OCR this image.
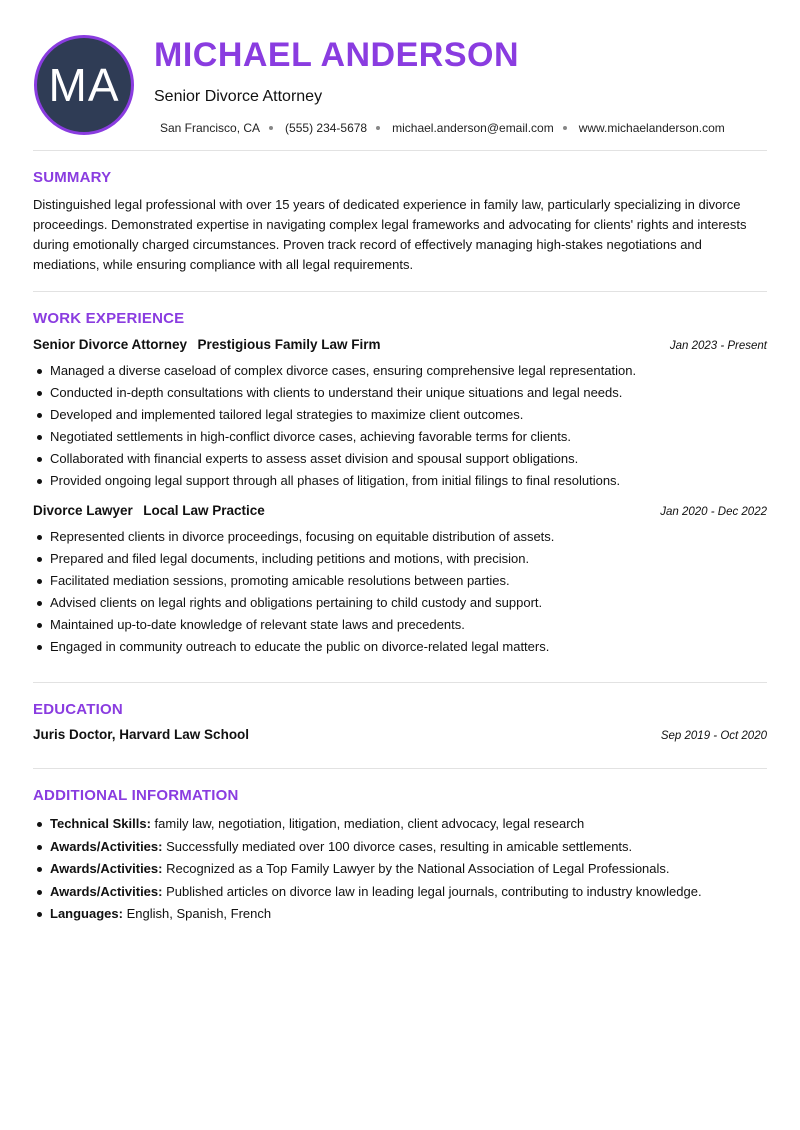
MA
MICHAEL ANDERSON
Senior Divorce Attorney
San Francisco, CA (555) 234-5678 michael.anderson@email.com www.michaelanderson.com
SUMMARY

Distinguished legal professional with over 15 years of dedicated experience in family law, particularly specializing in divorce proceedings. Demonstrated expertise in navigating complex legal frameworks and advocating for clients' rights and interests during emotionally charged circumstances. Proven track record of effectively managing high-stakes negotiations and mediations, while ensuring compliance with all legal requirements.

WORK EXPERIENCE
Senior Divorce Attorney Prestigious Family Law Firm	Jan 2023 - Present
Managed a diverse caseload of complex divorce cases, ensuring comprehensive legal representation.
Conducted in-depth consultations with clients to understand their unique situations and legal needs.
Developed and implemented tailored legal strategies to maximize client outcomes.
Negotiated settlements in high-conflict divorce cases, achieving favorable terms for clients.
Collaborated with financial experts to assess asset division and spousal support obligations.
Provided ongoing legal support through all phases of litigation, from initial filings to final resolutions.
Divorce Lawyer Local Law Practice	Jan 2020 - Dec 2022
Represented clients in divorce proceedings, focusing on equitable distribution of assets.
Prepared and filed legal documents, including petitions and motions, with precision.
Facilitated mediation sessions, promoting amicable resolutions between parties.
Advised clients on legal rights and obligations pertaining to child custody and support.
Maintained up-to-date knowledge of relevant state laws and precedents.
Engaged in community outreach to educate the public on divorce-related legal matters.
EDUCATION
Juris Doctor, Harvard Law School	Sep 2019 - Oct 2020
ADDITIONAL INFORMATION
Technical Skills: family law, negotiation, litigation, mediation, client advocacy, legal research
Awards/Activities: Successfully mediated over 100 divorce cases, resulting in amicable settlements.
Awards/Activities: Recognized as a Top Family Lawyer by the National Association of Legal Professionals.
Awards/Activities: Published articles on divorce law in leading legal journals, contributing to industry knowledge.
Languages: English, Spanish, French
